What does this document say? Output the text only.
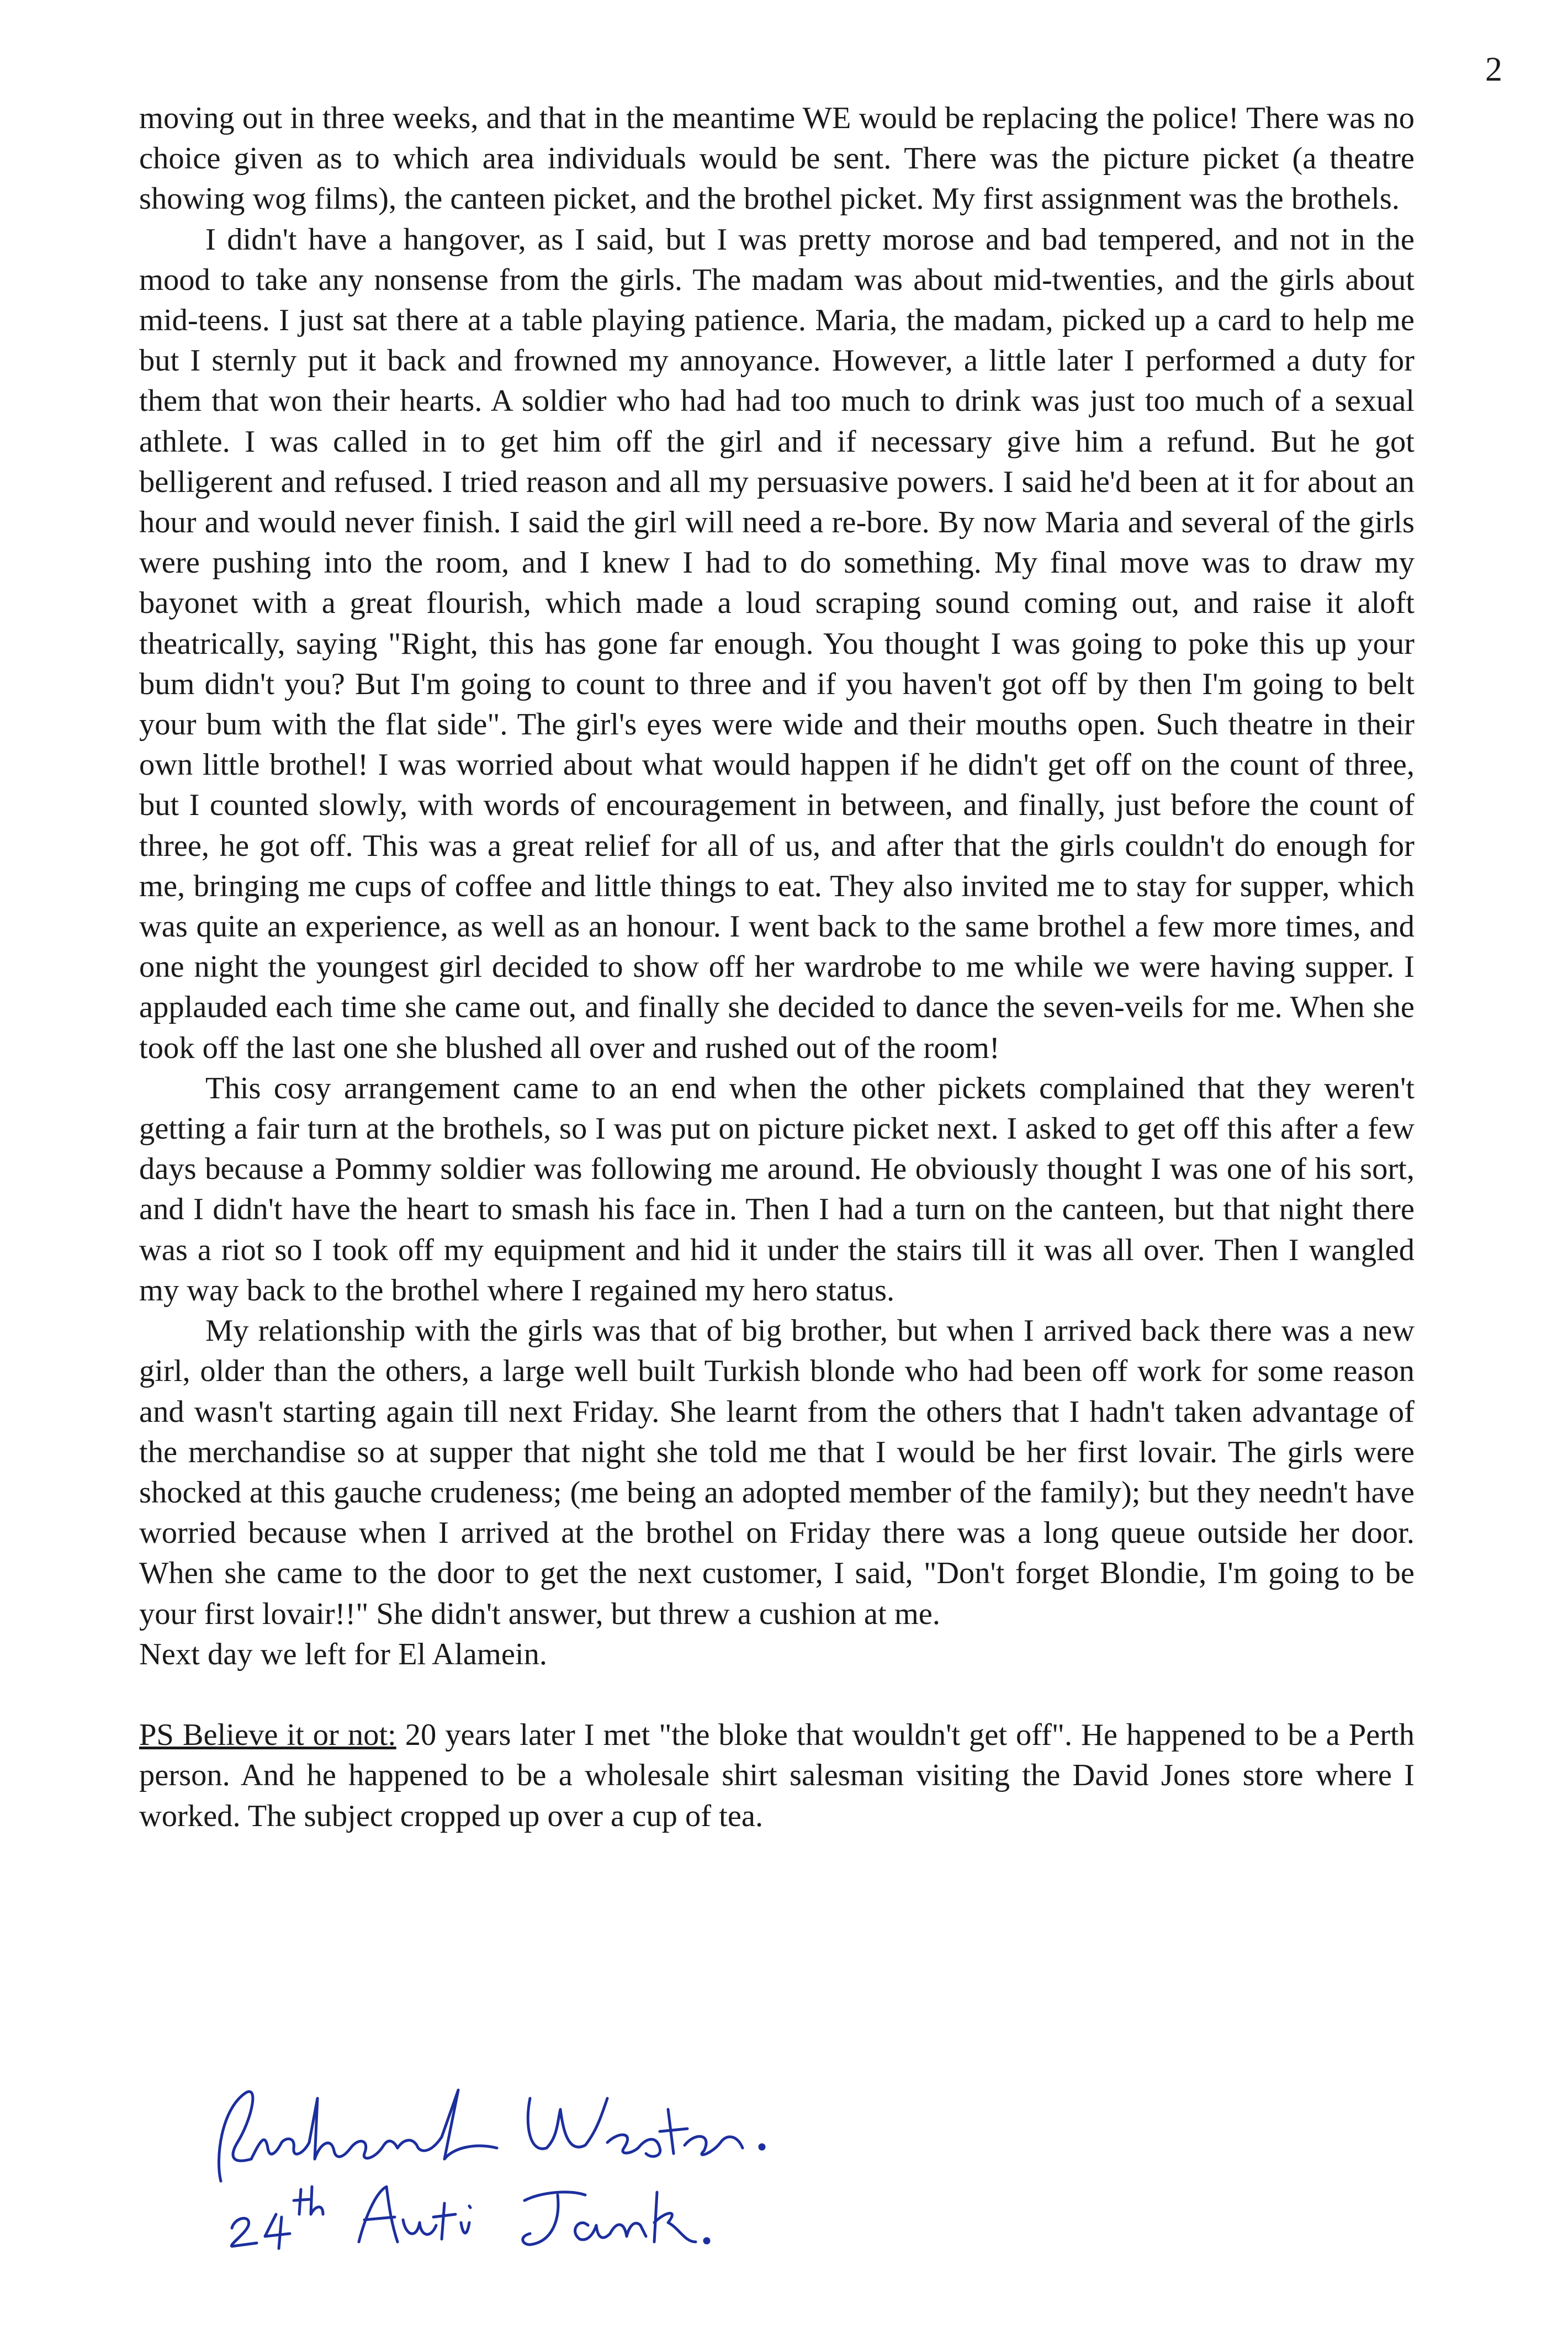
2

moving out in three weeks, and that in the meantime WE would be replacing the police! There was no choice given as to which area individuals would be sent. There was the picture picket (a theatre showing wog films), the canteen picket, and the brothel picket. My first assignment was the brothels.

I didn't have a hangover, as I said, but I was pretty morose and bad tempered, and not in the mood to take any nonsense from the girls. The madam was about mid-twenties, and the girls about mid-teens. I just sat there at a table playing patience. Maria, the madam, picked up a card to help me but I sternly put it back and frowned my annoyance. However, a little later I performed a duty for them that won their hearts. A soldier who had had too much to drink was just too much of a sexual athlete. I was called in to get him off the girl and if necessary give him a refund. But he got belligerent and refused. I tried reason and all my persuasive powers. I said he'd been at it for about an hour and would never finish. I said the girl will need a re-bore. By now Maria and several of the girls were pushing into the room, and I knew I had to do something. My final move was to draw my bayonet with a great flourish, which made a loud scraping sound coming out, and raise it aloft theatrically, saying "Right, this has gone far enough. You thought I was going to poke this up your bum didn't you? But I'm going to count to three and if you haven't got off by then I'm going to belt your bum with the flat side". The girl's eyes were wide and their mouths open. Such theatre in their own little brothel! I was worried about what would happen if he didn't get off on the count of three, but I counted slowly, with words of encouragement in between, and finally, just before the count of three, he got off. This was a great relief for all of us, and after that the girls couldn't do enough for me, bringing me cups of coffee and little things to eat. They also invited me to stay for supper, which was quite an experience, as well as an honour. I went back to the same brothel a few more times, and one night the youngest girl decided to show off her wardrobe to me while we were having supper. I applauded each time she came out, and finally she decided to dance the seven-veils for me. When she took off the last one she blushed all over and rushed out of the room!

This cosy arrangement came to an end when the other pickets complained that they weren't getting a fair turn at the brothels, so I was put on picture picket next. I asked to get off this after a few days because a Pommy soldier was following me around. He obviously thought I was one of his sort, and I didn't have the heart to smash his face in. Then I had a turn on the canteen, but that night there was a riot so I took off my equipment and hid it under the stairs till it was all over. Then I wangled my way back to the brothel where I regained my hero status.

My relationship with the girls was that of big brother, but when I arrived back there was a new girl, older than the others, a large well built Turkish blonde who had been off work for some reason and wasn't starting again till next Friday. She learnt from the others that I hadn't taken advantage of the merchandise so at supper that night she told me that I would be her first lovair. The girls were shocked at this gauche crudeness; (me being an adopted member of the family); but they needn't have worried because when I arrived at the brothel on Friday there was a long queue outside her door. When she came to the door to get the next customer, I said, "Don't forget Blondie, I'm going to be your first lovair!!" She didn't answer, but threw a cushion at me.

Next day we left for El Alamein.

PS Believe it or not: 20 years later I met "the bloke that wouldn't get off". He happened to be a Perth person. And he happened to be a wholesale shirt salesman visiting the David Jones store where I worked. The subject cropped up over a cup of tea.
